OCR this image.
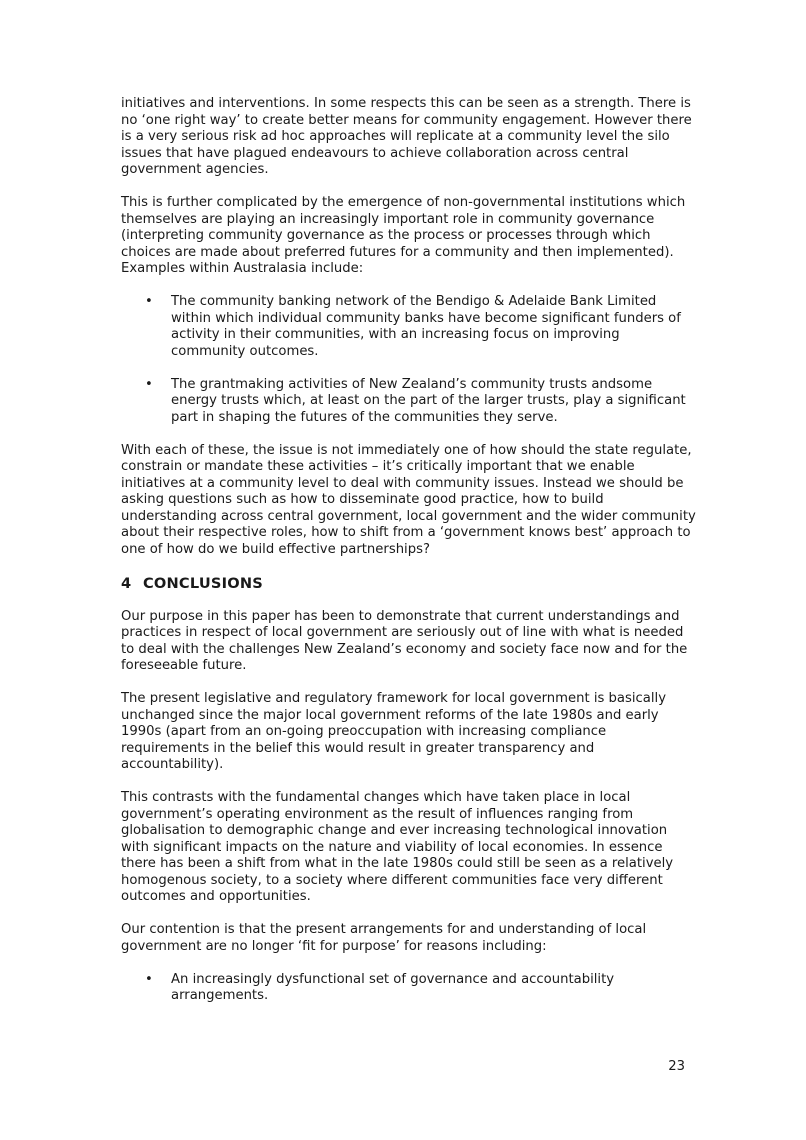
initiatives and interventions. In some respects this can be seen as a strength. There is no ‘one right way’ to create better means for community engagement. However there is a very serious risk ad hoc approaches will replicate at a community level the silo issues that have plagued endeavours to achieve collaboration across central government agencies.

This is further complicated by the emergence of non-governmental institutions which themselves are playing an increasingly important role in community governance (interpreting community governance as the process or processes through which choices are made about preferred futures for a community and then implemented). Examples within Australasia include:

• The community banking network of the Bendigo & Adelaide Bank Limited within which individual community banks have become significant funders of activity in their communities, with an increasing focus on improving community outcomes.
• The grantmaking activities of New Zealand’s community trusts andsome energy trusts which, at least on the part of the larger trusts, play a significant part in shaping the futures of the communities they serve.

With each of these, the issue is not immediately one of how should the state regulate, constrain or mandate these activities – it’s critically important that we enable initiatives at a community level to deal with community issues. Instead we should be asking questions such as how to disseminate good practice, how to build understanding across central government, local government and the wider community about their respective roles, how to shift from a ‘government knows best’ approach to one of how do we build effective partnerships?

4 CONCLUSIONS

Our purpose in this paper has been to demonstrate that current understandings and practices in respect of local government are seriously out of line with what is needed to deal with the challenges New Zealand’s economy and society face now and for the foreseeable future.

The present legislative and regulatory framework for local government is basically unchanged since the major local government reforms of the late 1980s and early 1990s (apart from an on-going preoccupation with increasing compliance requirements in the belief this would result in greater transparency and accountability).

This contrasts with the fundamental changes which have taken place in local government’s operating environment as the result of influences ranging from globalisation to demographic change and ever increasing technological innovation with significant impacts on the nature and viability of local economies. In essence there has been a shift from what in the late 1980s could still be seen as a relatively homogenous society, to a society where different communities face very different outcomes and opportunities.

Our contention is that the present arrangements for and understanding of local government are no longer ‘fit for purpose’ for reasons including:

• An increasingly dysfunctional set of governance and accountability arrangements.
23
